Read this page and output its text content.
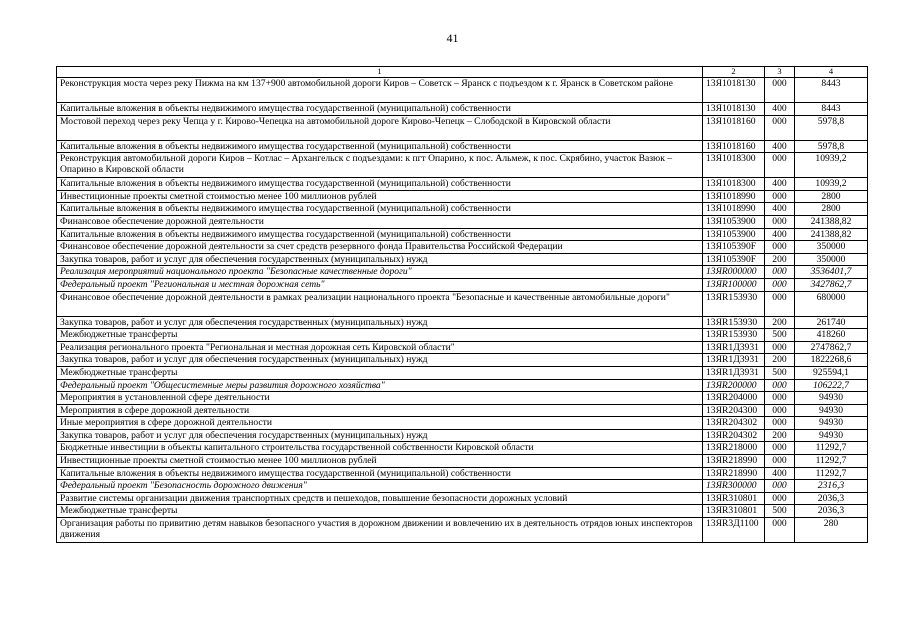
41
1	2	3	4
Реконструкция моста через реку Пижма на км 137+900 автомобильной дороги Киров – Советск – Яранск с подъездом к г. Яранск в Советском районе	13Я1018130	000	8443
Капитальные вложения в объекты недвижимого имущества государственной (муниципальной) собственности	13Я1018130	400	8443
Мостовой переход через реку Чепца у г. Кирово-Чепецка на автомобильной дороге Кирово-Чепецк – Слободской в Кировской области	13Я1018160	000	5978,8
Капитальные вложения в объекты недвижимого имущества государственной (муниципальной) собственности	13Я1018160	400	5978,8
Реконструкция автомобильной дороги Киров – Котлас – Архангельск с подъездами: к пгт Опарино, к пос. Альмеж, к пос. Скрябино, участок Вазюк – Опарино в Кировской области	13Я1018300	000	10939,2
Капитальные вложения в объекты недвижимого имущества государственной (муниципальной) собственности	13Я1018300	400	10939,2
Инвестиционные проекты сметной стоимостью менее 100 миллионов рублей	13Я1018990	000	2800
Капитальные вложения в объекты недвижимого имущества государственной (муниципальной) собственности	13Я1018990	400	2800
Финансовое обеспечение дорожной деятельности	13Я1053900	000	241388,82
Капитальные вложения в объекты недвижимого имущества государственной (муниципальной) собственности	13Я1053900	400	241388,82
Финансовое обеспечение дорожной деятельности за счет средств резервного фонда Правительства Российской Федерации	13Я105390F	000	350000
Закупка товаров, работ и услуг для обеспечения государственных (муниципальных) нужд	13Я105390F	200	350000
Реализация мероприятий национального проекта "Безопасные качественные дороги"	13ЯR000000	000	3536401,7
Федеральный проект "Региональная и местная дорожная сеть"	13ЯR100000	000	3427862,7
Финансовое обеспечение дорожной деятельности в рамках реализации национального проекта "Безопасные и качественные автомобильные дороги"	13ЯR153930	000	680000
Закупка товаров, работ и услуг для обеспечения государственных (муниципальных) нужд	13ЯR153930	200	261740
Межбюджетные трансферты	13ЯR153930	500	418260
Реализация регионального проекта "Региональная и местная дорожная сеть Кировской области"	13ЯR1Д3931	000	2747862,7
Закупка товаров, работ и услуг для обеспечения государственных (муниципальных) нужд	13ЯR1Д3931	200	1822268,6
Межбюджетные трансферты	13ЯR1Д3931	500	925594,1
Федеральный проект "Общесистемные меры развития дорожного хозяйства"	13ЯR200000	000	106222,7
Мероприятия в установленной сфере деятельности	13ЯR204000	000	94930
Мероприятия в сфере дорожной деятельности	13ЯR204300	000	94930
Иные мероприятия в сфере дорожной деятельности	13ЯR204302	000	94930
Закупка товаров, работ и услуг для обеспечения государственных (муниципальных) нужд	13ЯR204302	200	94930
Бюджетные инвестиции в объекты капитального строительства государственной собственности Кировской области	13ЯR218000	000	11292,7
Инвестиционные проекты сметной стоимостью менее 100 миллионов рублей	13ЯR218990	000	11292,7
Капитальные вложения в объекты недвижимого имущества государственной (муниципальной) собственности	13ЯR218990	400	11292,7
Федеральный проект "Безопасность дорожного движения"	13ЯR300000	000	2316,3
Развитие системы организации движения транспортных средств и пешеходов, повышение безопасности дорожных условий	13ЯR310801	000	2036,3
Межбюджетные трансферты	13ЯR310801	500	2036,3
Организация работы по привитию детям навыков безопасного участия в дорожном движении и вовлечению их в деятельность отрядов юных инспекторов движения	13ЯR3Д1100	000	280
